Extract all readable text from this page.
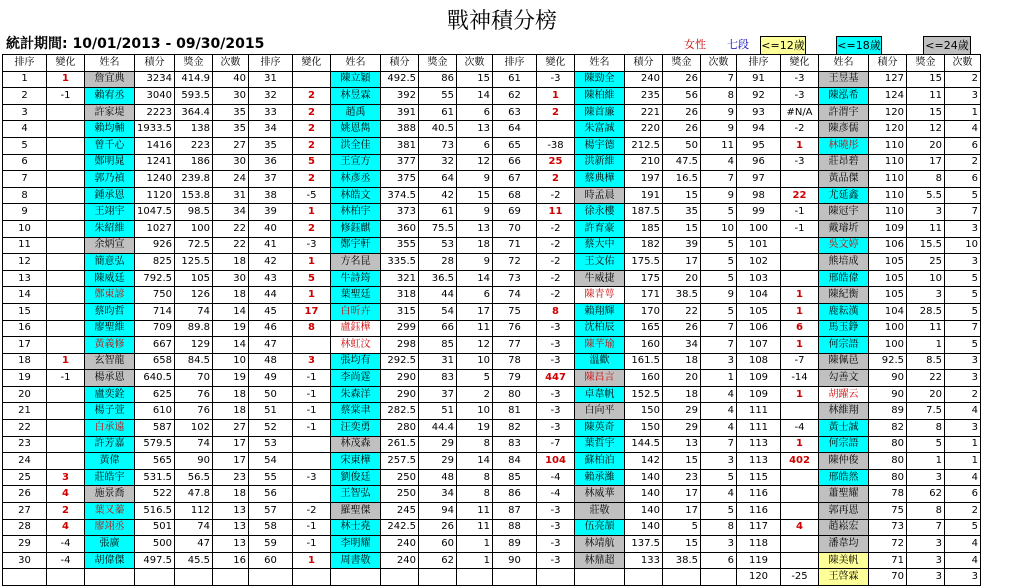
戰神積分榜
統計期間: 10/01/2013 - 09/30/2015	女性	七段	<=12歲	<=18歲	<=24歲
排序	變化	姓名	積分	獎金	次數	排序	變化	姓名	積分	獎金	次數	排序	變化	姓名	積分	獎金	次數	排序	變化	姓名	積分	獎金	次數
1	1	詹宜典	3234	414.9	40	31		陳立穎	492.5	86	15	61	-3	陳勁全	240	26	7	91	-3	王昱基	127	15	2
2	-1	賴宥丞	3040	593.5	30	32	2	林昱霖	392	55	14	62	1	陳柏維	235	56	8	92	-3	陳泓希	124	11	3
3		許家堤	2223	364.4	35	33	2	趙禹	391	61	6	63	2	陳首廉	221	26	9	93	#N/A	許渭宇	120	15	1
4		賴均輔	1933.5	138	35	34	2	姚恩雋	388	40.5	13	64		朱富誠	220	26	9	94	-2	陳彥儒	120	12	4
5		曾千心	1416	223	27	35	2	洪全佳	381	73	6	65	-38	楊宇德	212.5	50	11	95	1	林曉彤	110	20	6
6		鄭明晁	1241	186	30	36	5	王宣方	377	32	12	66	25	洪新維	210	47.5	4	96	-3	莊昂碧	110	17	2
7		郭乃禎	1240	239.8	24	37	2	林彥丞	375	64	9	67	2	蔡典樺	197	16.5	7	97		黃品傑	110	8	6
8		鍾承恩	1120	153.8	31	38	-5	林皓文	374.5	42	15	68	-2	時孟晨	191	15	9	98	22	尤延鑫	110	5.5	5
9		王翊宇	1047.5	98.5	34	39	1	林柏宇	373	61	9	69	11	徐永樓	187.5	35	5	99	-1	陳冠宇	110	3	7
10		朱紹維	1027	100	22	40	2	修鈺麒	360	75.5	13	70	-2	許育豪	185	15	10	100	-1	戴璿圻	109	11	3
11		余炳宣	926	72.5	22	41	-3	鄭宇軒	355	53	18	71	-2	蔡大中	182	39	5	101		吳文婷	106	15.5	10
12		簡意弘	825	125.5	18	42	1	方名昆	335.5	28	9	72	-2	王文佑	175.5	17	5	102		熊培成	105	25	3
13		陳威廷	792.5	105	30	43	5	牛詩筠	321	36.5	14	73	-2	牛威捷	175	20	5	103		邢皓偉	105	10	5
14		鄭東諺	750	126	18	44	1	葉聖廷	318	44	6	74	-2	陳青萼	171	38.5	9	104	1	陳紀衡	105	3	5
15		蔡昀哲	714	74	14	45	17	白昕卉	315	54	17	75	8	賴翔輝	170	22	5	105	1	鹿耘漢	104	28.5	5
16		廖聖維	709	89.8	19	46	8	盧鈺樺	299	66	11	76	-3	沈柏辰	165	26	7	106	6	馬玉錚	100	11	7
17		黃義修	667	129	14	47		林虹汶	298	85	12	77	-3	陳芊瑜	160	34	7	107	1	何宗語	100	1	5
18	1	玄智龍	658	84.5	10	48	3	張均有	292.5	31	10	78	-3	溫歡	161.5	18	3	108	-7	陳佩邑	92.5	8.5	3
19	-1	楊承恩	640.5	70	19	49	-1	李尚霆	290	83	5	79	447	陳昌言	160	20	1	109	-14	勾善文	90	22	3
20		盧奕銓	625	76	18	50	-1	朱森洋	290	37	2	80	-3	卓韋帆	152.5	18	4	109	1	胡躍云	90	20	2
21		楊子萱	610	76	18	51	-1	蔡棠聿	282.5	51	10	81	-3	白向平	150	29	4	111		林維翔	89	7.5	4
22		白承遠	587	102	27	52	-1	汪奕勇	280	44.4	19	82	-3	陳英奇	150	29	4	111	-4	黃士誠	82	8	3
23		許芳嘉	579.5	74	17	53		林茂森	261.5	29	8	83	-7	葉哲宇	144.5	13	7	113	1	何宗語	80	5	1
24		黃偉	565	90	17	54		宋東樺	257.5	29	14	84	104	蘇柏泊	142	15	3	113	402	陳仲俊	80	1	1
25	3	莊皓宇	531.5	56.5	23	55	-3	劉俊廷	250	48	8	85	-4	賴承濰	140	23	5	115		邢皓然	80	3	4
26	4	施景喬	522	47.8	18	56		王智弘	250	34	8	86	-4	林威華	140	17	4	116		蕭聖耀	78	62	6
27	2	葉又蓁	516.5	112	13	57	-2	羅聖傑	245	94	11	87	-3	莊敬	140	17	5	116		郭再恩	75	8	2
28	4	廖翊丞	501	74	13	58	-1	林士堯	242.5	26	11	88	-3	伍亮頡	140	5	8	117	4	趙崧宏	73	7	5
29	-4	張廣	500	47	13	59	-1	李明耀	240	60	1	89	-3	林靖航	137.5	15	3	118		潘韋均	72	3	4
30	-4	胡偉傑	497.5	45.5	16	60	1	周書敬	240	62	1	90	-3	林鼎超	133	38.5	6	119		陳美帆	71	3	4
																		120	-25	王啓霖	70	3	3
